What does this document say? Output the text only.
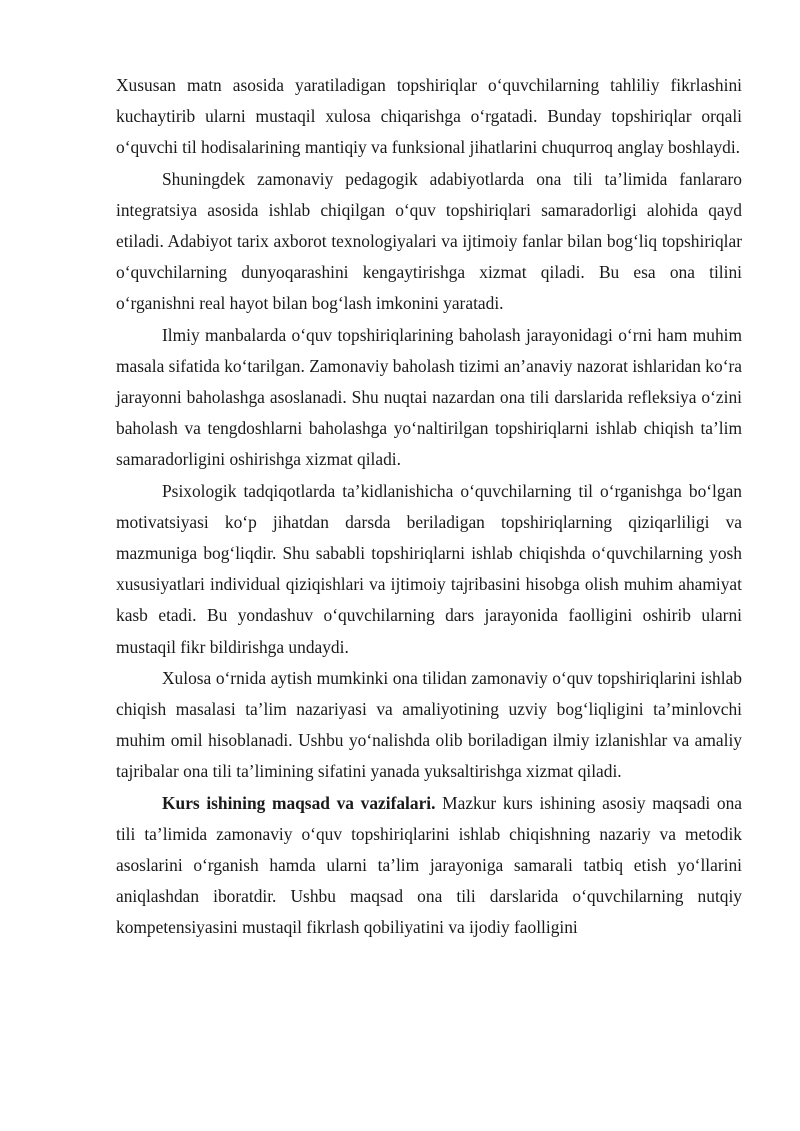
Xususan matn asosida yaratiladigan topshiriqlar o‘quvchilarning tahliliy fikrlashini kuchaytirib ularni mustaqil xulosa chiqarishga o‘rgatadi. Bunday topshiriqlar orqali o‘quvchi til hodisalarining mantiqiy va funksional jihatlarini chuqurroq anglay boshlaydi.

Shuningdek zamonaviy pedagogik adabiyotlarda ona tili ta’limida fanlararo integratsiya asosida ishlab chiqilgan o‘quv topshiriqlari samaradorligi alohida qayd etiladi. Adabiyot tarix axborot texnologiyalari va ijtimoiy fanlar bilan bog‘liq topshiriqlar o‘quvchilarning dunyoqarashini kengaytirishga xizmat qiladi. Bu esa ona tilini o‘rganishni real hayot bilan bog‘lash imkonini yaratadi.

Ilmiy manbalarda o‘quv topshiriqlarining baholash jarayonidagi o‘rni ham muhim masala sifatida ko‘tarilgan. Zamonaviy baholash tizimi an’anaviy nazorat ishlaridan ko‘ra jarayonni baholashga asoslanadi. Shu nuqtai nazardan ona tili darslarida refleksiya o‘zini baholash va tengdoshlarni baholashga yo‘naltirilgan topshiriqlarni ishlab chiqish ta’lim samaradorligini oshirishga xizmat qiladi.

Psixologik tadqiqotlarda ta’kidlanishicha o‘quvchilarning til o‘rganishga bo‘lgan motivatsiyasi ko‘p jihatdan darsda beriladigan topshiriqlarning qiziqarliligi va mazmuniga bog‘liqdir. Shu sababli topshiriqlarni ishlab chiqishda o‘quvchilarning yosh xususiyatlari individual qiziqishlari va ijtimoiy tajribasini hisobga olish muhim ahamiyat kasb etadi. Bu yondashuv o‘quvchilarning dars jarayonida faolligini oshirib ularni mustaqil fikr bildirishga undaydi.

Xulosa o‘rnida aytish mumkinki ona tilidan zamonaviy o‘quv topshiriqlarini ishlab chiqish masalasi ta’lim nazariyasi va amaliyotining uzviy bog‘liqligini ta’minlovchi muhim omil hisoblanadi. Ushbu yo‘nalishda olib boriladigan ilmiy izlanishlar va amaliy tajribalar ona tili ta’limining sifatini yanada yuksaltirishga xizmat qiladi.

Kurs ishining maqsad va vazifalari. Mazkur kurs ishining asosiy maqsadi ona tili ta’limida zamonaviy o‘quv topshiriqlarini ishlab chiqishning nazariy va metodik asoslarini o‘rganish hamda ularni ta’lim jarayoniga samarali tatbiq etish yo‘llarini aniqlashdan iboratdir. Ushbu maqsad ona tili darslarida o‘quvchilarning nutqiy kompetensiyasini mustaqil fikrlash qobiliyatini va ijodiy faolligini
